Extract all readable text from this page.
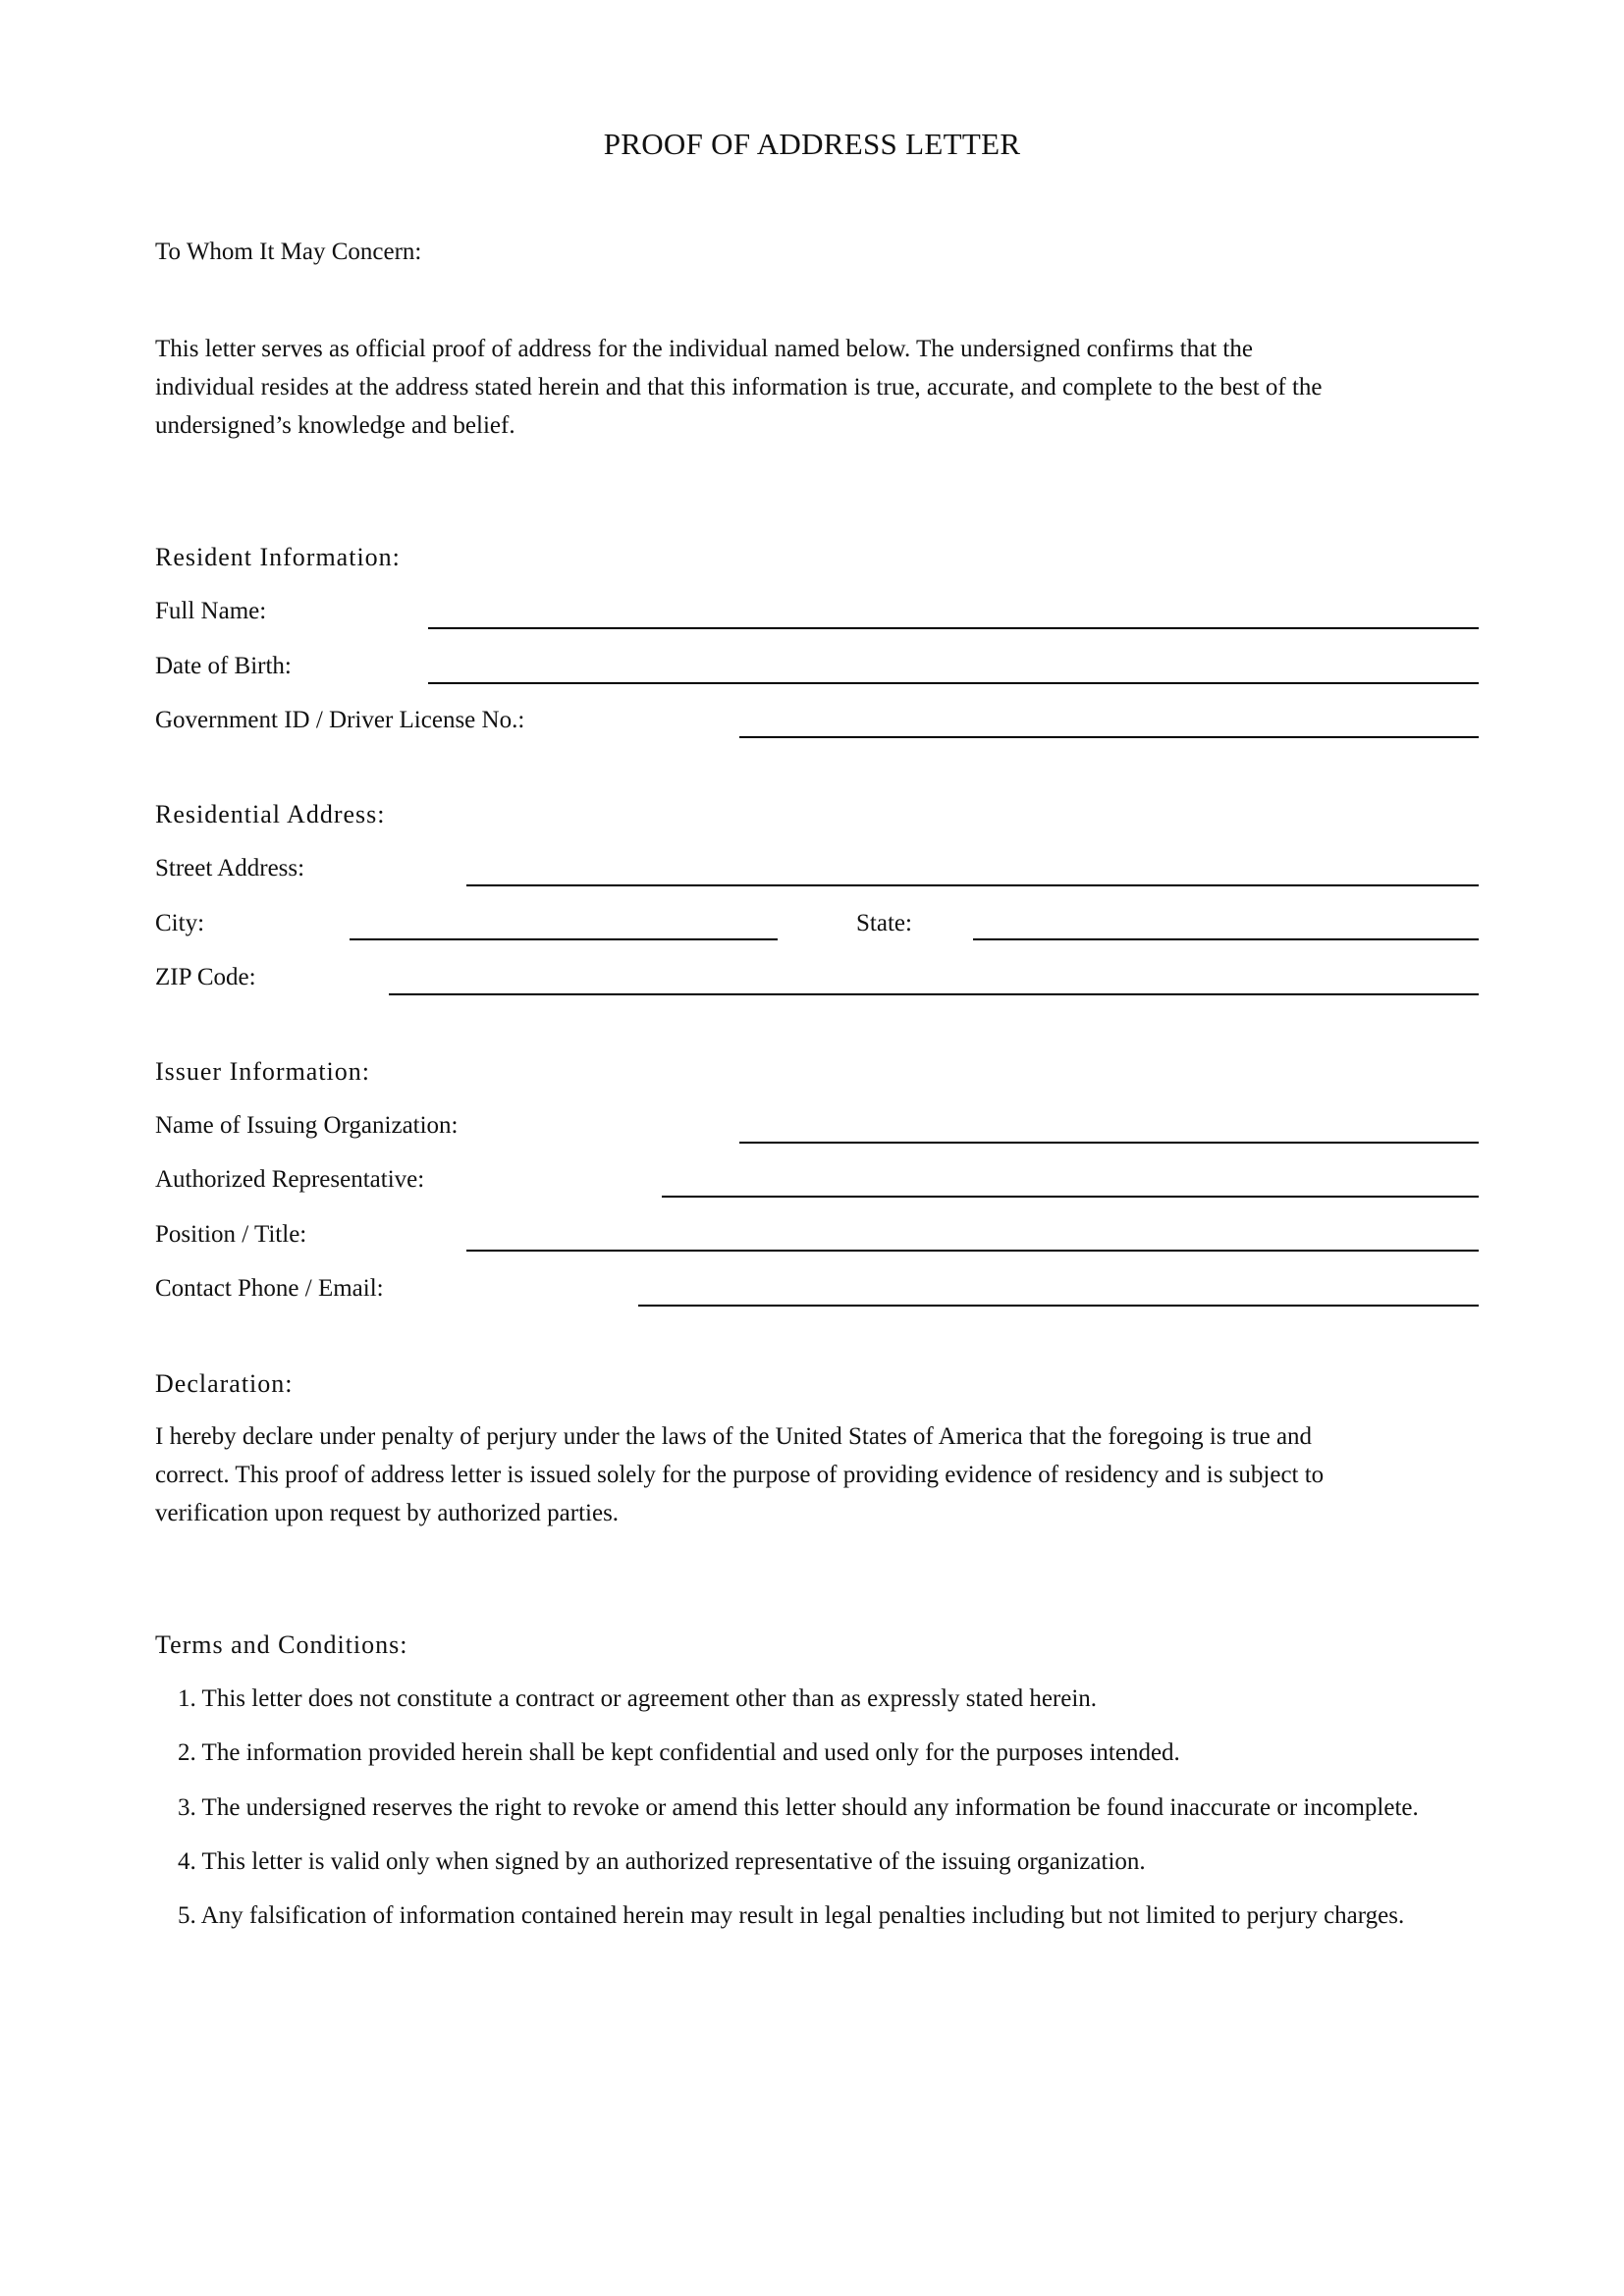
PROOF OF ADDRESS LETTER
To Whom It May Concern:
This letter serves as official proof of address for the individual named below. The undersigned confirms that the
individual resides at the address stated herein and that this information is true, accurate, and complete to the best of the
undersigned’s knowledge and belief.
Resident Information:
Full Name:
Date of Birth:
Government ID / Driver License No.:
Residential Address:
Street Address:
City:	State:
ZIP Code:
Issuer Information:
Name of Issuing Organization:
Authorized Representative:
Position / Title:
Contact Phone / Email:
Declaration:
I hereby declare under penalty of perjury under the laws of the United States of America that the foregoing is true and
correct. This proof of address letter is issued solely for the purpose of providing evidence of residency and is subject to
verification upon request by authorized parties.
Terms and Conditions:
1. This letter does not constitute a contract or agreement other than as expressly stated herein.
2. The information provided herein shall be kept confidential and used only for the purposes intended.
3. The undersigned reserves the right to revoke or amend this letter should any information be found inaccurate or incomplete.
4. This letter is valid only when signed by an authorized representative of the issuing organization.
5. Any falsification of information contained herein may result in legal penalties including but not limited to perjury charges.
